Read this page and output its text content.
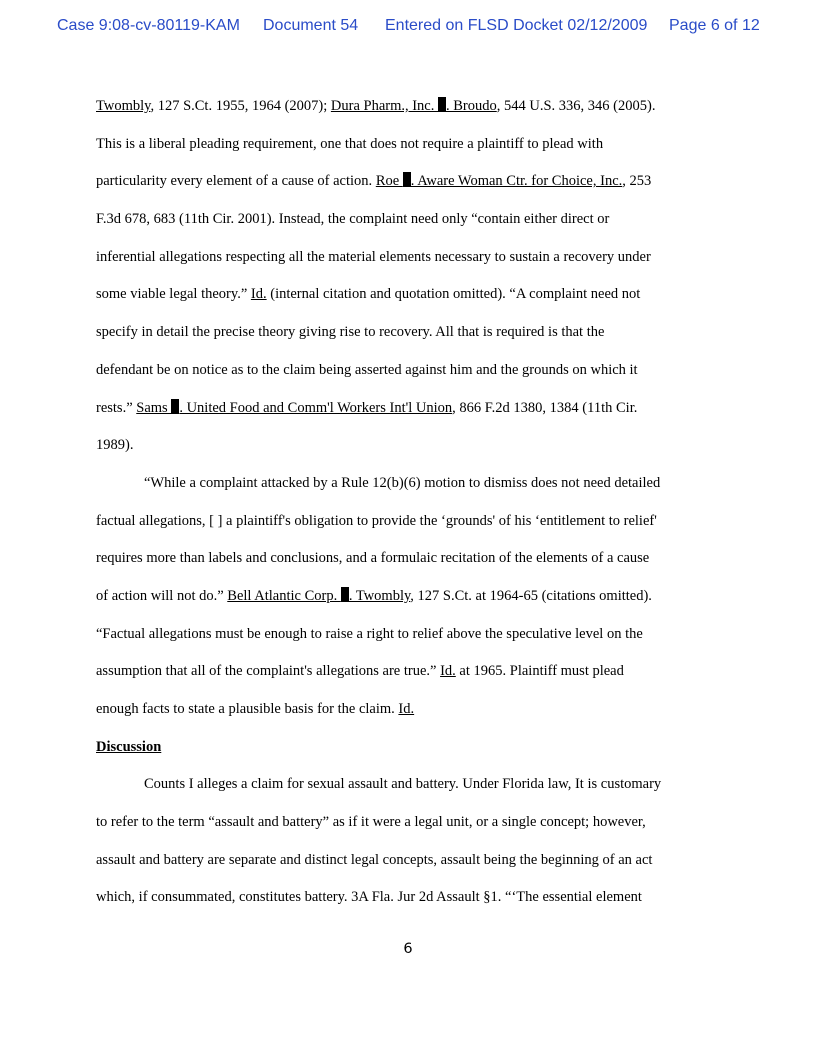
Case 9:08-cv-80119-KAM Document 54 Entered on FLSD Docket 02/12/2009 Page 6 of 12
Twombly, 127 S.Ct. 1955, 1964 (2007); Dura Pharm., Inc. . Broudo, 544 U.S. 336, 346 (2005).
This is a liberal pleading requirement, one that does not require a plaintiff to plead with
particularity every element of a cause of action. Roe . Aware Woman Ctr. for Choice, Inc., 253
F.3d 678, 683 (11th Cir. 2001). Instead, the complaint need only “contain either direct or
inferential allegations respecting all the material elements necessary to sustain a recovery under
some viable legal theory.” Id. (internal citation and quotation omitted). “A complaint need not
specify in detail the precise theory giving rise to recovery. All that is required is that the
defendant be on notice as to the claim being asserted against him and the grounds on which it
rests.” Sams . United Food and Comm'l Workers Int'l Union, 866 F.2d 1380, 1384 (11th Cir.
1989).
“While a complaint attacked by a Rule 12(b)(6) motion to dismiss does not need detailed
factual allegations, [ ] a plaintiff's obligation to provide the ‘grounds' of his ‘entitlement to relief'
requires more than labels and conclusions, and a formulaic recitation of the elements of a cause
of action will not do.” Bell Atlantic Corp. . Twombly, 127 S.Ct. at 1964-65 (citations omitted).
“Factual allegations must be enough to raise a right to relief above the speculative level on the
assumption that all of the complaint's allegations are true.” Id. at 1965. Plaintiff must plead
enough facts to state a plausible basis for the claim. Id.
Discussion
Counts I alleges a claim for sexual assault and battery. Under Florida law, It is customary
to refer to the term “assault and battery” as if it were a legal unit, or a single concept; however,
assault and battery are separate and distinct legal concepts, assault being the beginning of an act
which, if consummated, constitutes battery. 3A Fla. Jur 2d Assault §1. “‘The essential element
6
